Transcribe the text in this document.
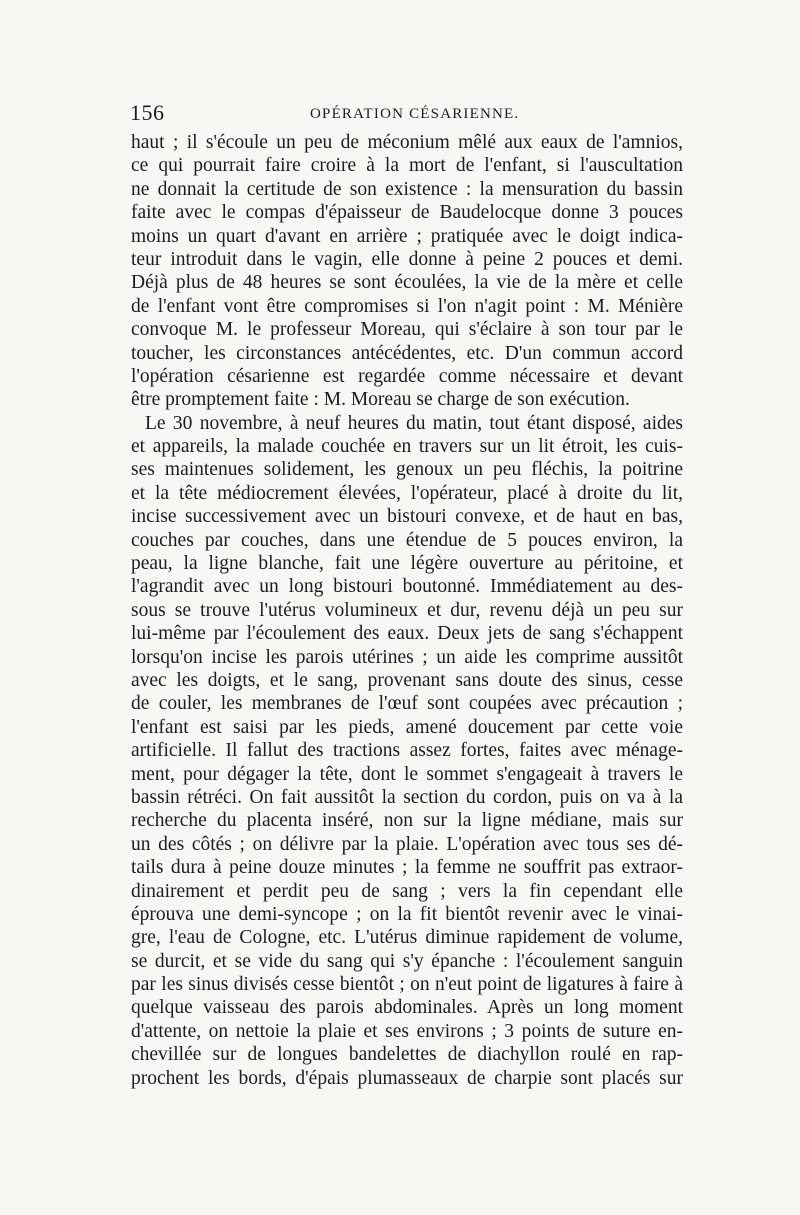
156	OPÉRATION CÉSARIENNE.
haut ; il s'écoule un peu de méconium mêlé aux eaux de l'amnios,
ce qui pourrait faire croire à la mort de l'enfant, si l'auscultation
ne donnait la certitude de son existence : la mensuration du bassin
faite avec le compas d'épaisseur de Baudelocque donne 3 pouces
moins un quart d'avant en arrière ; pratiquée avec le doigt indica-
teur introduit dans le vagin, elle donne à peine 2 pouces et demi.
Déjà plus de 48 heures se sont écoulées, la vie de la mère et celle
de l'enfant vont être compromises si l'on n'agit point : M. Ménière
convoque M. le professeur Moreau, qui s'éclaire à son tour par le
toucher, les circonstances antécédentes, etc. D'un commun accord
l'opération césarienne est regardée comme nécessaire et devant
être promptement faite : M. Moreau se charge de son exécution.
Le 30 novembre, à neuf heures du matin, tout étant disposé, aides
et appareils, la malade couchée en travers sur un lit étroit, les cuis-
ses maintenues solidement, les genoux un peu fléchis, la poitrine
et la tête médiocrement élevées, l'opérateur, placé à droite du lit,
incise successivement avec un bistouri convexe, et de haut en bas,
couches par couches, dans une étendue de 5 pouces environ, la
peau, la ligne blanche, fait une légère ouverture au péritoine, et
l'agrandit avec un long bistouri boutonné. Immédiatement au des-
sous se trouve l'utérus volumineux et dur, revenu déjà un peu sur
lui-même par l'écoulement des eaux. Deux jets de sang s'échappent
lorsqu'on incise les parois utérines ; un aide les comprime aussitôt
avec les doigts, et le sang, provenant sans doute des sinus, cesse
de couler, les membranes de l'œuf sont coupées avec précaution ;
l'enfant est saisi par les pieds, amené doucement par cette voie
artificielle. Il fallut des tractions assez fortes, faites avec ménage-
ment, pour dégager la tête, dont le sommet s'engageait à travers le
bassin rétréci. On fait aussitôt la section du cordon, puis on va à la
recherche du placenta inséré, non sur la ligne médiane, mais sur
un des côtés ; on délivre par la plaie. L'opération avec tous ses dé-
tails dura à peine douze minutes ; la femme ne souffrit pas extraor-
dinairement et perdit peu de sang ; vers la fin cependant elle
éprouva une demi-syncope ; on la fit bientôt revenir avec le vinai-
gre, l'eau de Cologne, etc. L'utérus diminue rapidement de volume,
se durcit, et se vide du sang qui s'y épanche : l'écoulement sanguin
par les sinus divisés cesse bientôt ; on n'eut point de ligatures à faire à
quelque vaisseau des parois abdominales. Après un long moment
d'attente, on nettoie la plaie et ses environs ; 3 points de suture en-
chevillée sur de longues bandelettes de diachyllon roulé en rap-
prochent les bords, d'épais plumasseaux de charpie sont placés sur
